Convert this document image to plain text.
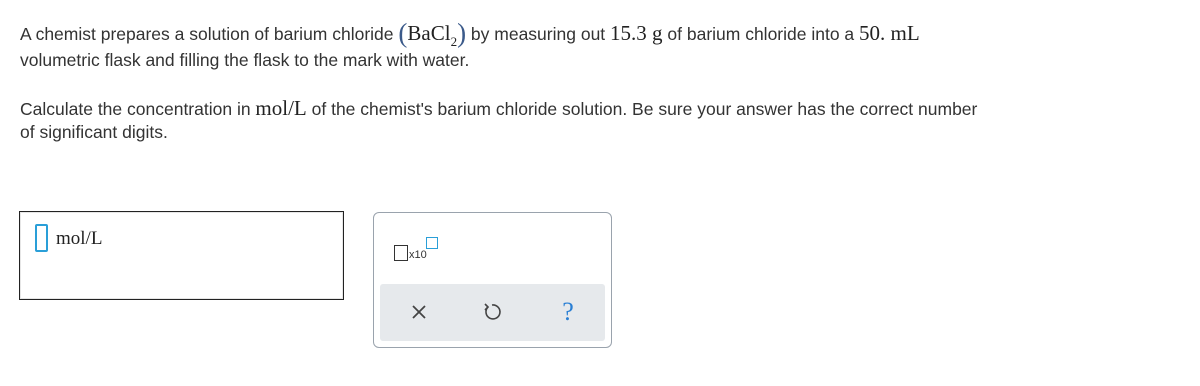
A chemist prepares a solution of barium chloride (BaCl$_2$) by measuring out 15.3 g of barium chloride into a 50. mL
volumetric flask and filling the flask to the mark with water.
Calculate the concentration in mol/L of the chemist's barium chloride solution. Be sure your answer has the correct number
of significant digits.
mol/L
x10
?
